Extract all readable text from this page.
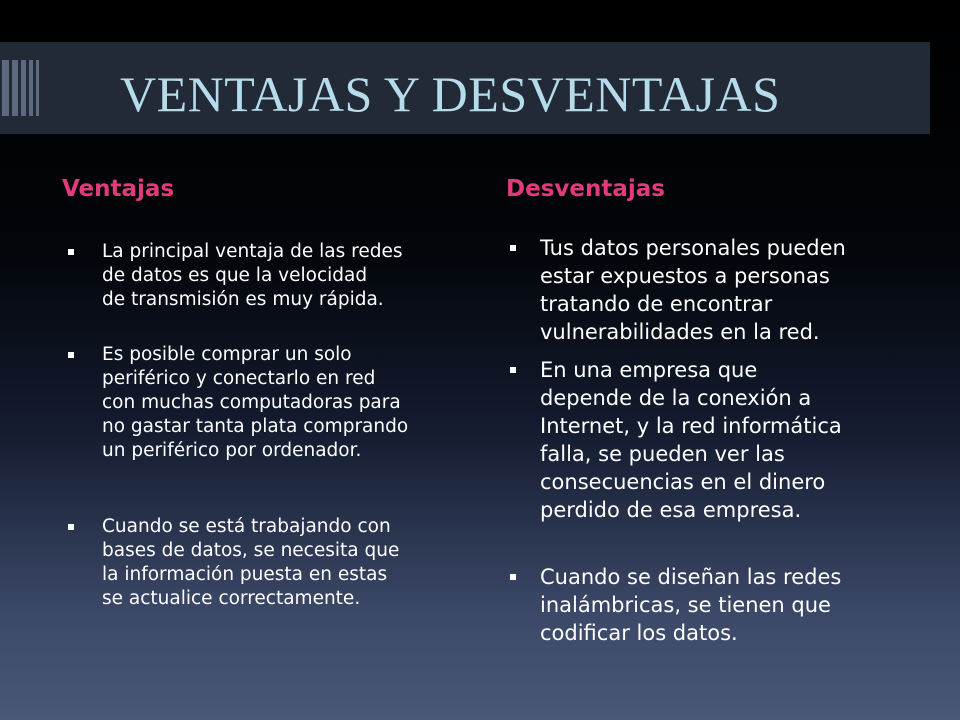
VENTAJAS Y DESVENTAJAS
Ventajas	Desventajas
La principal ventaja de las redes
de datos es que la velocidad
de transmisión es muy rápida.
Es posible comprar un solo
periférico y conectarlo en red
con muchas computadoras para
no gastar tanta plata comprando
un periférico por ordenador.
Cuando se está trabajando con
bases de datos, se necesita que
la información puesta en estas
se actualice correctamente.
Tus datos personales pueden
estar expuestos a personas
tratando de encontrar
vulnerabilidades en la red.
En una empresa que
depende de la conexión a
Internet, y la red informática
falla, se pueden ver las
consecuencias en el dinero
perdido de esa empresa.
Cuando se diseñan las redes
inalámbricas, se tienen que
codificar los datos.
